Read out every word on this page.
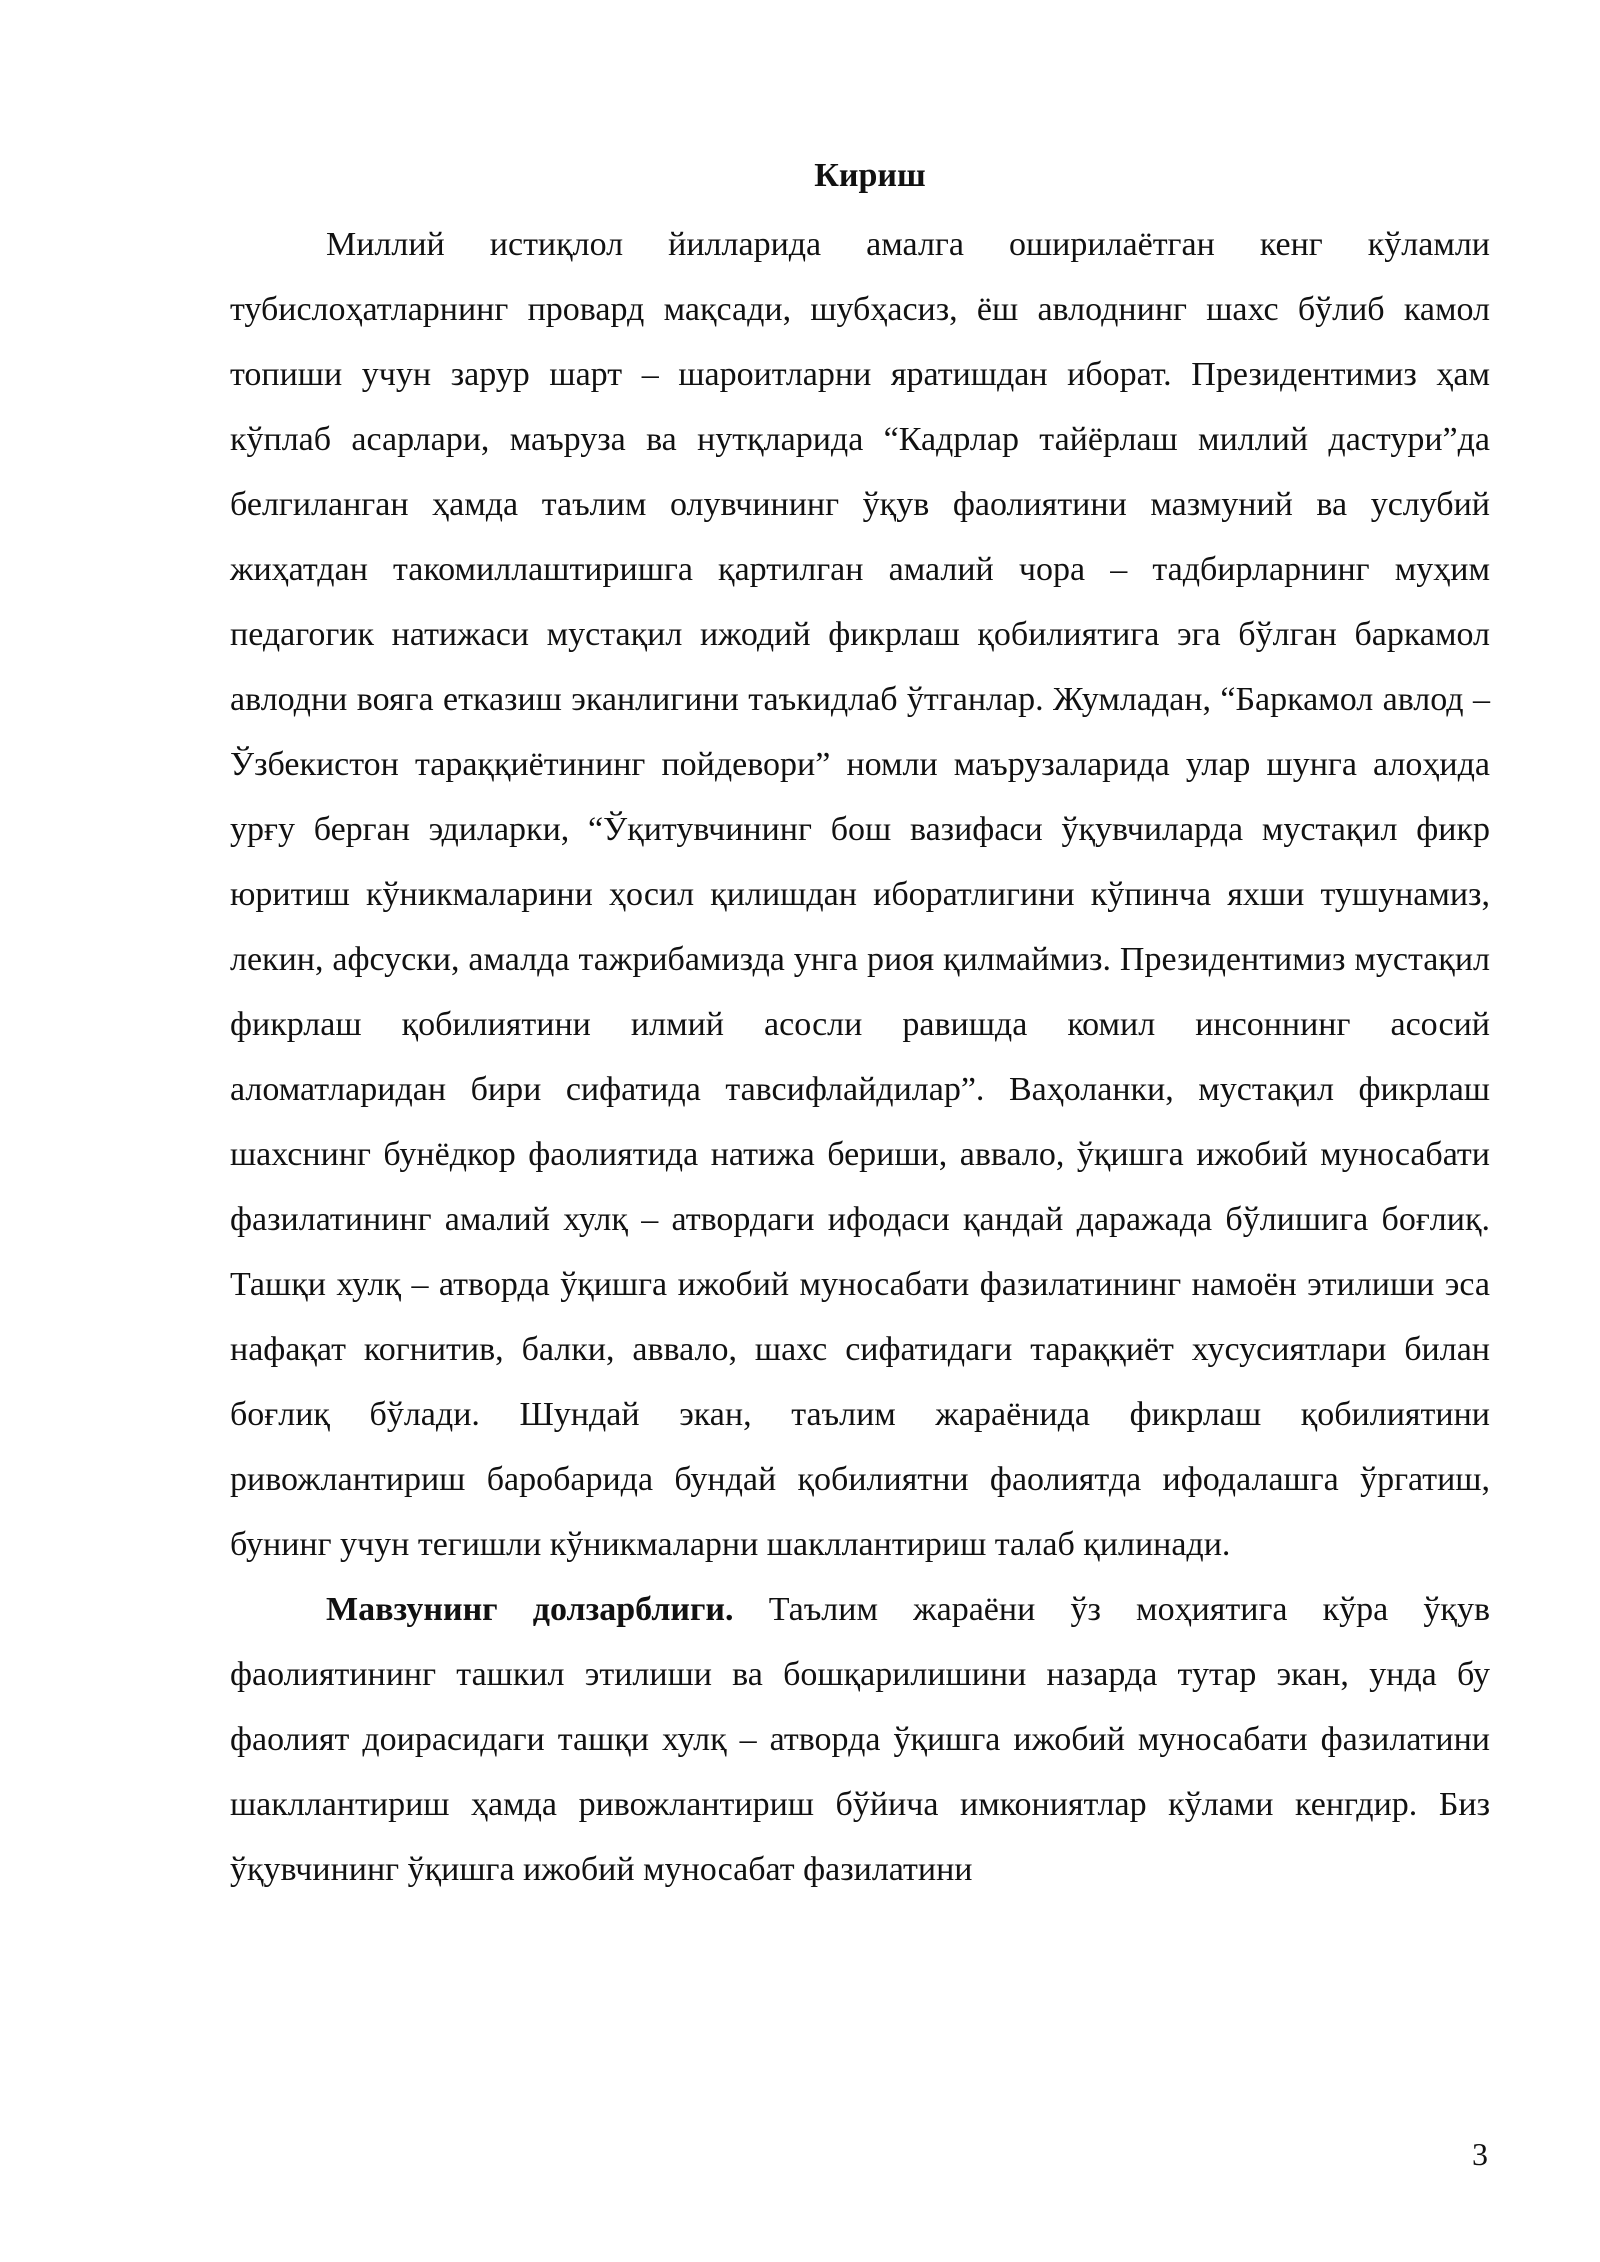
Кириш

Миллий истиқлол йилларида амалга оширилаётган кенг кўламли тубислоҳатларнинг провард мақсади, шубҳасиз, ёш авлоднинг шахс бўлиб камол топиши учун зарур шарт – шароитларни яратишдан иборат. Президентимиз ҳам кўплаб асарлари, маъруза ва нутқларида “Кадрлар тайёрлаш миллий дастури”да белгиланган ҳамда таълим олувчининг ўқув фаолиятини мазмуний ва услубий жиҳатдан такомиллаштиришга қартилган амалий чора – тадбирларнинг муҳим педагогик натижаси мустақил ижодий фикрлаш қобилиятига эга бўлган баркамол авлодни вояга етказиш эканлигини таъкидлаб ўтганлар. Жумладан, “Баркамол авлод – Ўзбекистон тараққиётининг пойдевори” номли маърузаларида улар шунга алоҳида урғу берган эдиларки, “Ўқитувчининг бош вазифаси ўқувчиларда мустақил фикр юритиш кўникмаларини ҳосил қилишдан иборатлигини кўпинча яхши тушунамиз, лекин, афсуски, амалда тажрибамизда унга риоя қилмаймиз. Президентимиз мустақил фикрлаш қобилиятини илмий асосли равишда комил инсоннинг асосий аломатларидан бири сифатида тавсифлайдилар”. Ваҳоланки, мустақил фикрлаш шахснинг бунёдкор фаолиятида натижа бериши, аввало, ўқишга ижобий муносабати фазилатининг амалий хулқ – атвордаги ифодаси қандай даражада бўлишига боғлиқ. Ташқи хулқ – атворда ўқишга ижобий муносабати фазилатининг намоён этилиши эса нафақат когнитив, балки, аввало, шахс сифатидаги тараққиёт хусусиятлари билан боғлиқ бўлади. Шундай экан, таълим жараёнида фикрлаш қобилиятини ривожлантириш баробарида бундай қобилиятни фаолиятда ифодалашга ўргатиш, бунинг учун тегишли кўникмаларни шакллантириш талаб қилинади.

Мавзунинг долзарблиги. Таълим жараёни ўз моҳиятига кўра ўқув фаолиятининг ташкил этилиши ва бошқарилишини назарда тутар экан, унда бу фаолият доирасидаги ташқи хулқ – атворда ўқишга ижобий муносабати фазилатини шакллантириш ҳамда ривожлантириш бўйича имкониятлар кўлами кенгдир. Биз ўқувчининг ўқишга ижобий муносабат фазилатини

3
